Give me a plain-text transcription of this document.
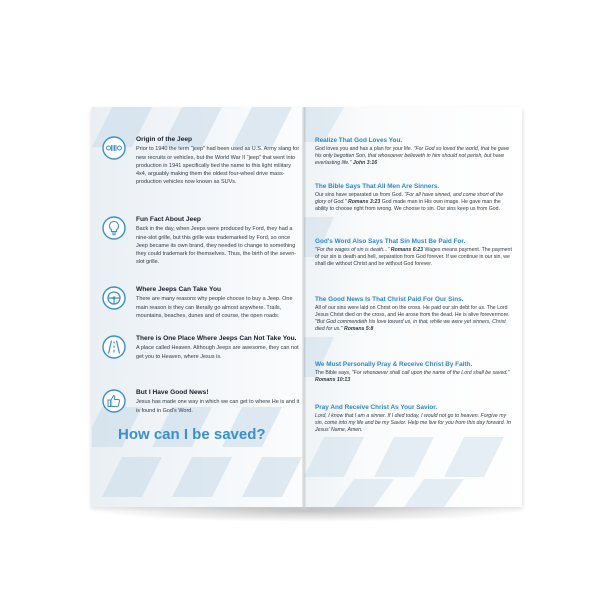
Origin of the Jeep
Prior to 1940 the term "jeep" had been used as U.S. Army slang for new recruits or vehicles, but the World War II "jeep" that went into production in 1941 specifically tied the name to this light military 4x4, arguably making them the oldest four-wheel drive mass-production vehicles now known as SUVs.
Fun Fact About Jeep
Back in the day, when Jeeps were produced by Ford, they had a nine-slot grille, but this grille was trademarked by Ford, so once Jeep became its own brand, they needed to change to something they could trademark for themselves. Thus, the birth of the seven-slot grille.
Where Jeeps Can Take You
There are many reasons why people choose to buy a Jeep. One main reason is they can literally go almost anywhere. Trails, mountains, beaches, dunes and of course, the open roads.
There is One Place Where Jeeps Can Not Take You.
A place called Heaven. Although Jeeps are awesome, they can not get you to Heaven, where Jesus is.
But I Have Good News!
Jesus has made one way in which we can get to where He is and it is found in God's Word.
How can I be saved?
Realize That God Loves You.
God loves you and has a plan for your life. "For God so loved the world, that he gave his only begotten Son, that whosoever believeth in him should not perish, but have everlasting life." John 3:16
The Bible Says That All Men Are Sinners.
Our sins have separated us from God. "For all have sinned, and come short of the glory of God." Romans 3:23 God made man in His own image. He gave man the ability to choose right from wrong. We choose to sin. Our sins keep us from God.
God's Word Also Says That Sin Must Be Paid For.
"For the wages of sin is death..." Romans 6:23 Wages means payment. The payment of our sin is death and hell, separation from God forever. If we continue in our sin, we shall die without Christ and be without God forever.
The Good News Is That Christ Paid For Our Sins.
All of our sins were laid on Christ on the cross. He paid our sin debt for us. The Lord Jesus Christ died on the cross, and He arose from the dead. He is alive forevermore. "But God commendeth his love toward us, in that, while we were yet sinners, Christ died for us." Romans 5:8
We Must Personally Pray & Receive Christ By Faith.
The Bible says, "For whosoever shall call upon the name of the Lord shall be saved." Romans 10:13
Pray And Receive Christ As Your Savior.
Lord, I know that I am a sinner. If I died today, I would not go to heaven. Forgive my sin, come into my life and be my Savior. Help me live for you from this day forward. In Jesus' Name, Amen.
